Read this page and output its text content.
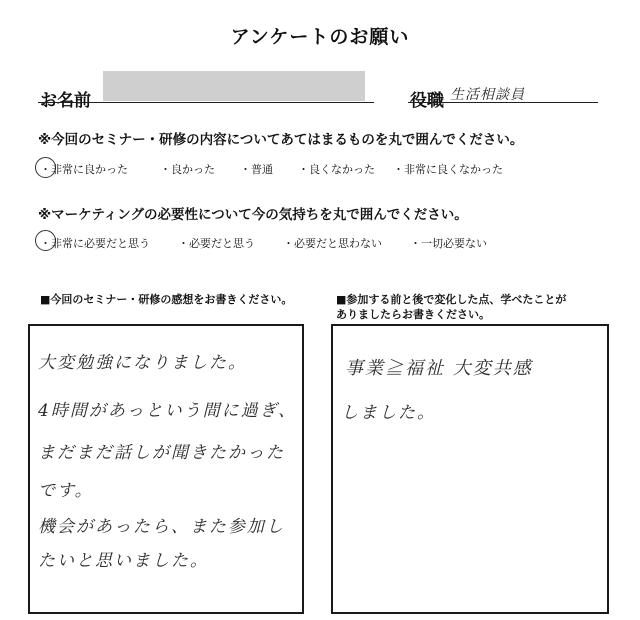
アンケートのお願い
お名前	役職 生活相談員
※今回のセミナー・研修の内容についてあてはまるものを丸で囲んでください。
・非常に良かった	・良かった ・普通 ・良くなかった ・非常に良くなかった
※マーケティングの必要性について今の気持ちを丸で囲んでください。
・非常に必要だと思う	・必要だと思う	・必要だと思わない	・一切必要ない
■今回のセミナー・研修の感想をお書きください。	■参加する前と後で変化した点、学べたことが
ありましたらお書きください。
大変勉強になりました。
4時間があっという間に過ぎ、
まだまだ話しが聞きたかった
です。
機会があったら、また参加し
たいと思いました。
事業≧福祉 大変共感
しました。
